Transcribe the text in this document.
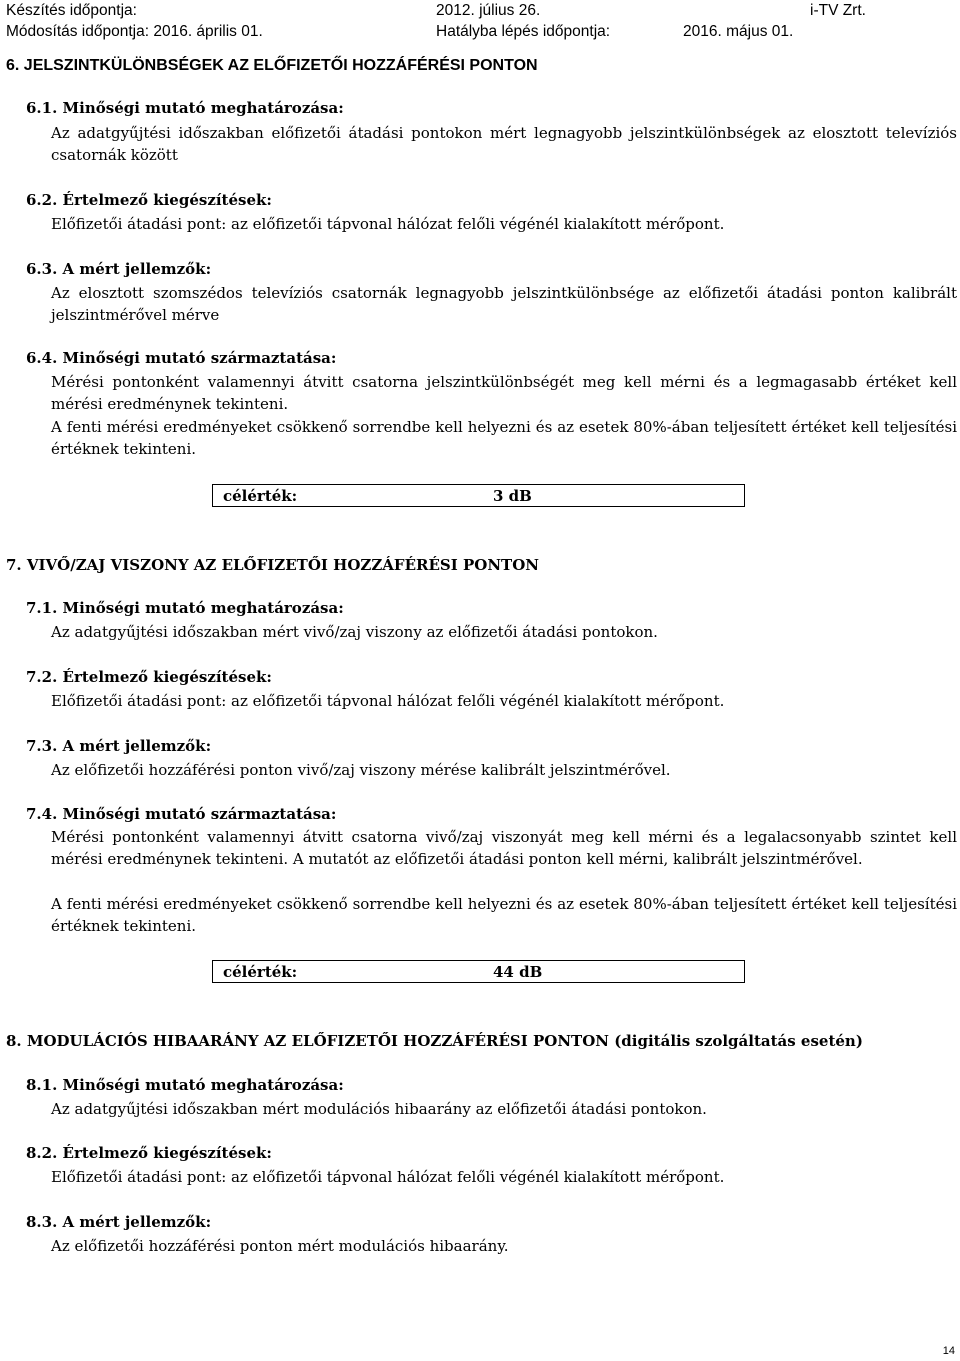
Készítés időpontja:	2012. július 26.	i-TV Zrt.
Módosítás időpontja: 2016. április 01.	Hatályba lépés időpontja:	2016. május 01.
6. JELSZINTKÜLÖNBSÉGEK AZ ELŐFIZETŐI HOZZÁFÉRÉSI PONTON
6.1. Minőségi mutató meghatározása:
Az adatgyűjtési időszakban előfizetői átadási pontokon mért legnagyobb jelszintkülönbségek az elosztott televíziós csatornák között
6.2. Értelmező kiegészítések:
Előfizetői átadási pont: az előfizetői tápvonal hálózat felőli végénél kialakított mérőpont.
6.3. A mért jellemzők:
Az elosztott szomszédos televíziós csatornák legnagyobb jelszintkülönbsége az előfizetői átadási ponton kalibrált jelszintmérővel mérve
6.4. Minőségi mutató származtatása:
Mérési pontonként valamennyi átvitt csatorna jelszintkülönbségét meg kell mérni és a legmagasabb értéket kell mérési eredménynek tekinteni.
A fenti mérési eredményeket csökkenő sorrendbe kell helyezni és az esetek 80%-ában teljesített értéket kell teljesítési értéknek tekinteni.
célérték:	3 dB
7. VIVŐ/ZAJ VISZONY AZ ELŐFIZETŐI HOZZÁFÉRÉSI PONTON
7.1. Minőségi mutató meghatározása:
Az adatgyűjtési időszakban mért vivő/zaj viszony az előfizetői átadási pontokon.
7.2. Értelmező kiegészítések:
Előfizetői átadási pont: az előfizetői tápvonal hálózat felőli végénél kialakított mérőpont.
7.3. A mért jellemzők:
Az előfizetői hozzáférési ponton vivő/zaj viszony mérése kalibrált jelszintmérővel.
7.4. Minőségi mutató származtatása:
Mérési pontonként valamennyi átvitt csatorna vivő/zaj viszonyát meg kell mérni és a legalacsonyabb szintet kell mérési eredménynek tekinteni. A mutatót az előfizetői átadási ponton kell mérni, kalibrált jelszintmérővel.
A fenti mérési eredményeket csökkenő sorrendbe kell helyezni és az esetek 80%-ában teljesített értéket kell teljesítési értéknek tekinteni.
célérték:	44 dB
8. MODULÁCIÓS HIBAARÁNY AZ ELŐFIZETŐI HOZZÁFÉRÉSI PONTON (digitális szolgáltatás esetén)
8.1. Minőségi mutató meghatározása:
Az adatgyűjtési időszakban mért modulációs hibaarány az előfizetői átadási pontokon.
8.2. Értelmező kiegészítések:
Előfizetői átadási pont: az előfizetői tápvonal hálózat felőli végénél kialakított mérőpont.
8.3. A mért jellemzők:
Az előfizetői hozzáférési ponton mért modulációs hibaarány.
14
